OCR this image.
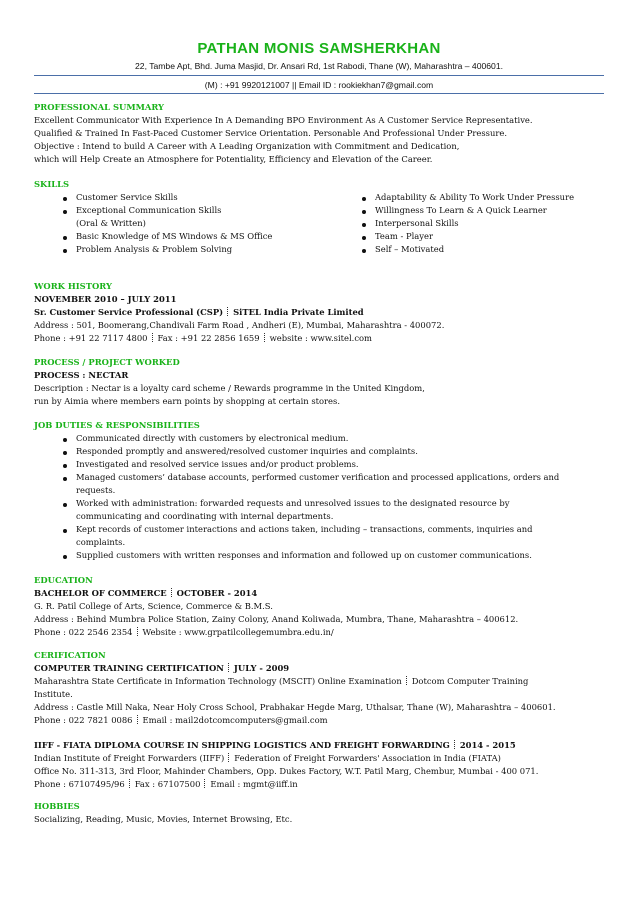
PATHAN MONIS SAMSHERKHAN
22, Tambe Apt, Bhd. Juma Masjid, Dr. Ansari Rd, 1st Rabodi, Thane (W), Maharashtra – 400601.
(M) : +91 9920121007 || Email ID : rookiekhan7@gmail.com
PROFESSIONAL SUMMARY
Excellent Communicator With Experience In A Demanding BPO Environment As A Customer Service Representative.
Qualified & Trained In Fast-Paced Customer Service Orientation. Personable And Professional Under Pressure.
Objective : Intend to build A Career with A Leading Organization with Commitment and Dedication,
which will Help Create an Atmosphere for Potentiality, Efficiency and Elevation of the Career.
SKILLS
Customer Service Skills
Exceptional Communication Skills
(Oral & Written)
Basic Knowledge of MS Windows & MS Office
Problem Analysis & Problem Solving
Adaptability & Ability To Work Under Pressure
Willingness To Learn & A Quick Learner
Interpersonal Skills
Team - Player
Self – Motivated
WORK HISTORY
NOVEMBER 2010 – JULY 2011
Sr. Customer Service Professional (CSP) SiTEL India Private Limited
Address : 501, Boomerang,Chandivali Farm Road , Andheri (E), Mumbai, Maharashtra - 400072.
Phone : +91 22 7117 4800 Fax : +91 22 2856 1659 website : www.sitel.com
PROCESS / PROJECT WORKED
PROCESS : NECTAR
Description : Nectar is a loyalty card scheme / Rewards programme in the United Kingdom,
run by Aimia where members earn points by shopping at certain stores.
JOB DUTIES & RESPONSIBILITIES
Communicated directly with customers by electronical medium.
Responded promptly and answered/resolved customer inquiries and complaints.
Investigated and resolved service issues and/or product problems.
Managed customers’ database accounts, performed customer verification and processed applications, orders and
requests.
Worked with administration: forwarded requests and unresolved issues to the designated resource by
communicating and coordinating with internal departments.
Kept records of customer interactions and actions taken, including – transactions, comments, inquiries and
complaints.
Supplied customers with written responses and information and followed up on customer communications.
EDUCATION
BACHELOR OF COMMERCE OCTOBER - 2014
G. R. Patil College of Arts, Science, Commerce & B.M.S.
Address : Behind Mumbra Police Station, Zainy Colony, Anand Koliwada, Mumbra, Thane, Maharashtra – 400612.
Phone : 022 2546 2354 Website : www.grpatilcollegemumbra.edu.in/
CERIFICATION
COMPUTER TRAINING CERTIFICATION JULY - 2009
Maharashtra State Certificate in Information Technology (MSCIT) Online Examination Dotcom Computer Training
Institute.
Address : Castle Mill Naka, Near Holy Cross School, Prabhakar Hegde Marg, Uthalsar, Thane (W), Maharashtra – 400601.
Phone : 022 7821 0086 Email : mail2dotcomcomputers@gmail.com
IIFF - FIATA DIPLOMA COURSE IN SHIPPING LOGISTICS AND FREIGHT FORWARDING 2014 - 2015
Indian Institute of Freight Forwarders (IIFF) Federation of Freight Forwarders' Association in India (FIATA)
Office No. 311-313, 3rd Floor, Mahinder Chambers, Opp. Dukes Factory, W.T. Patil Marg, Chembur, Mumbai - 400 071.
Phone : 67107495/96 Fax : 67107500 Email : mgmt@iiff.in
HOBBIES
Socializing, Reading, Music, Movies, Internet Browsing, Etc.
